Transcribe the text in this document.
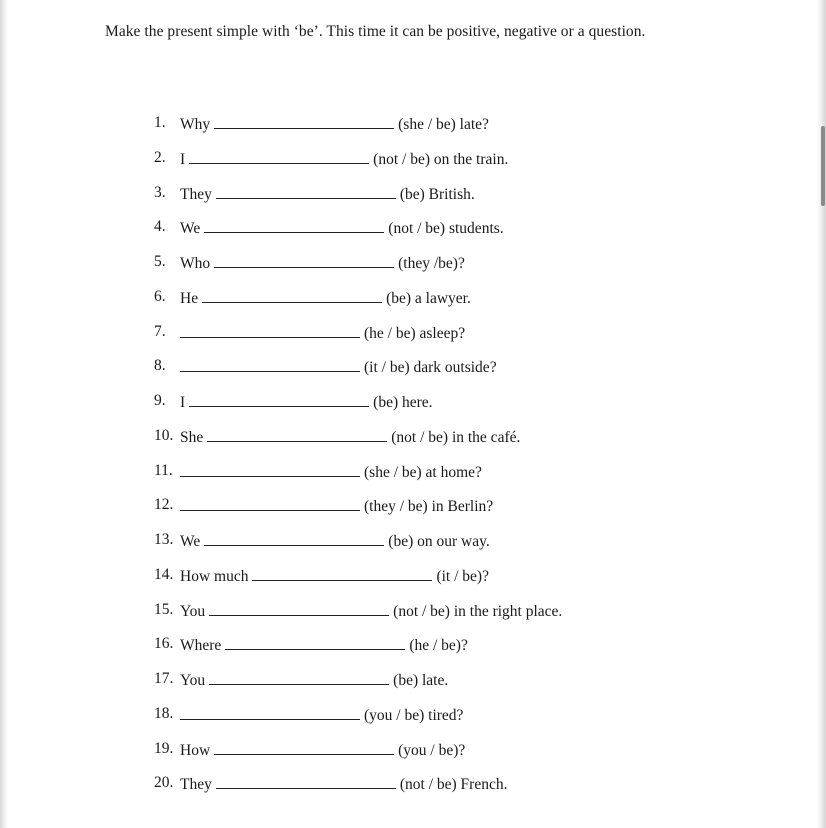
Make the present simple with ‘be’. This time it can be positive, negative or a question.
1. Why	(she / be) late?
2. I	(not / be) on the train.
3. They	(be) British.
4. We	(not / be) students.
5. Who	(they /be)?
6. He	(be) a lawyer.
7.	(he / be) asleep?
8.	(it / be) dark outside?
9. I	(be) here.
10. She	(not / be) in the café.
11.	(she / be) at home?
12.	(they / be) in Berlin?
13. We	(be) on our way.
14. How much	(it / be)?
15. You	(not / be) in the right place.
16. Where	(he / be)?
17. You	(be) late.
18.	(you / be) tired?
19. How	(you / be)?
20. They	(not / be) French.
